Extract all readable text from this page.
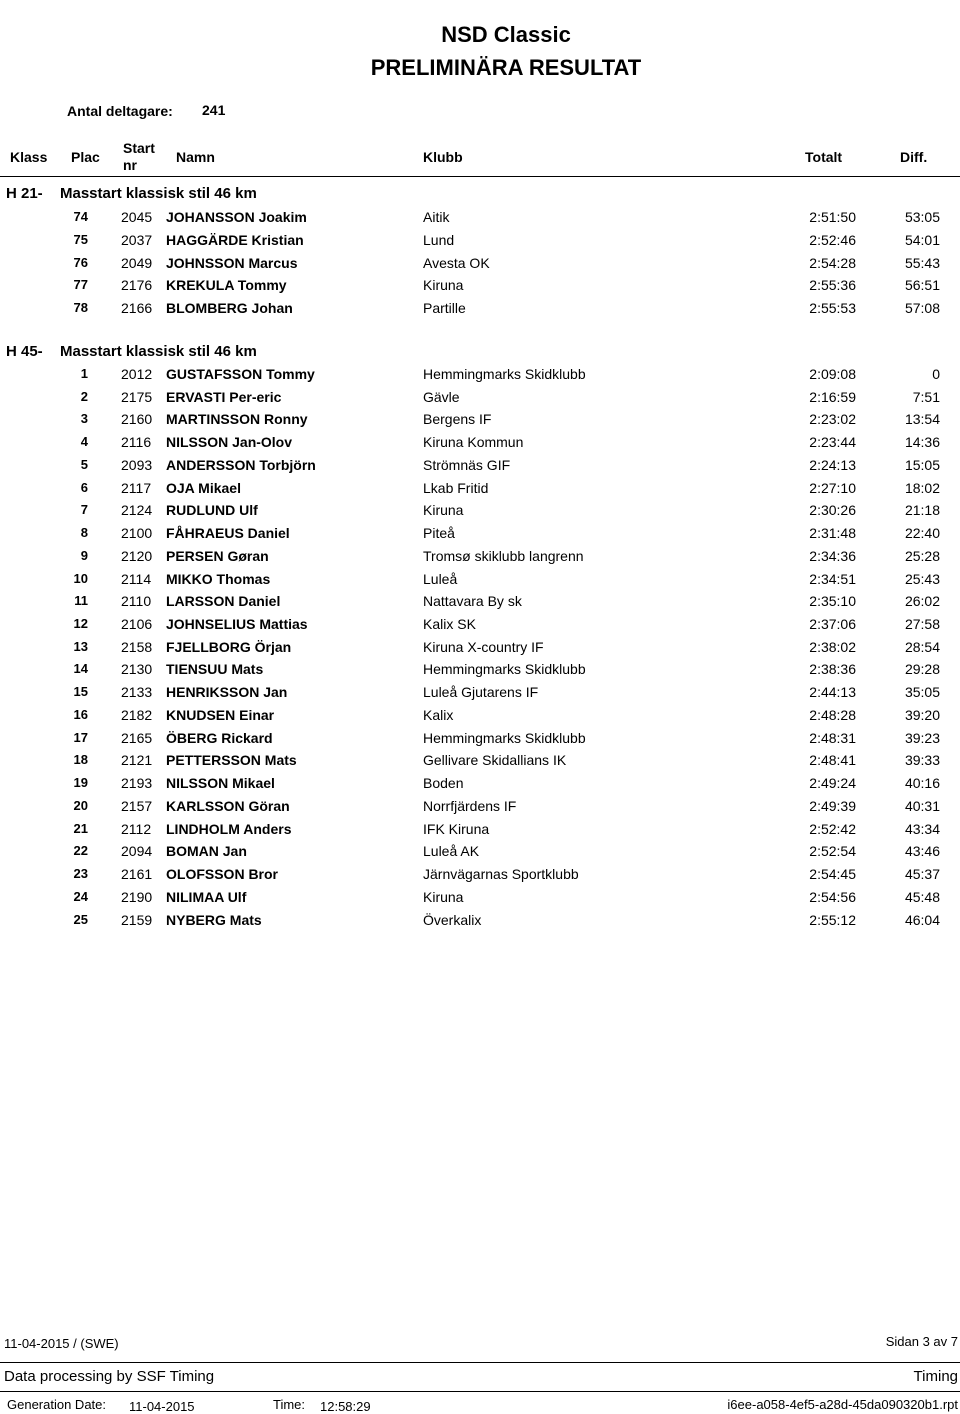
NSD Classic
PRELIMINÄRA RESULTAT
Antal deltagare: 241
Klass Plac
Start
nr	Namn	Klubb	Totalt	Diff.
H 21- Masstart klassisk stil 46 km
74 2045 JOHANSSON Joakim	Aitik	2:51:50	53:05
75 2037 HAGGÄRDE Kristian	Lund	2:52:46	54:01
76 2049 JOHNSSON Marcus	Avesta OK	2:54:28	55:43
77 2176 KREKULA Tommy	Kiruna	2:55:36	56:51
78 2166 BLOMBERG Johan	Partille	2:55:53	57:08
H 45- Masstart klassisk stil 46 km
1 2012 GUSTAFSSON Tommy	Hemmingmarks Skidklubb	2:09:08	0
2 2175 ERVASTI Per-eric	Gävle	2:16:59	7:51
3 2160 MARTINSSON Ronny	Bergens IF	2:23:02	13:54
4 2116 NILSSON Jan-Olov	Kiruna Kommun	2:23:44	14:36
5 2093 ANDERSSON Torbjörn	Strömnäs GIF	2:24:13	15:05
6 2117 OJA Mikael	Lkab Fritid	2:27:10	18:02
7 2124 RUDLUND Ulf	Kiruna	2:30:26	21:18
8 2100 FÅHRAEUS Daniel	Piteå	2:31:48	22:40
9 2120 PERSEN Gøran	Tromsø skiklubb langrenn	2:34:36	25:28
10 2114 MIKKO Thomas	Luleå	2:34:51	25:43
11 2110 LARSSON Daniel	Nattavara By sk	2:35:10	26:02
12 2106 JOHNSELIUS Mattias	Kalix SK	2:37:06	27:58
13 2158 FJELLBORG Örjan	Kiruna X-country IF	2:38:02	28:54
14 2130 TIENSUU Mats	Hemmingmarks Skidklubb	2:38:36	29:28
15 2133 HENRIKSSON Jan	Luleå Gjutarens IF	2:44:13	35:05
16 2182 KNUDSEN Einar	Kalix	2:48:28	39:20
17 2165 ÖBERG Rickard	Hemmingmarks Skidklubb	2:48:31	39:23
18 2121 PETTERSSON Mats	Gellivare Skidallians IK	2:48:41	39:33
19 2193 NILSSON Mikael	Boden	2:49:24	40:16
20 2157 KARLSSON Göran	Norrfjärdens IF	2:49:39	40:31
21 2112 LINDHOLM Anders	IFK Kiruna	2:52:42	43:34
22 2094 BOMAN Jan	Luleå AK	2:52:54	43:46
23 2161 OLOFSSON Bror	Järnvägarnas Sportklubb	2:54:45	45:37
24 2190 NILIMAA Ulf	Kiruna	2:54:56	45:48
25 2159 NYBERG Mats	Överkalix	2:55:12	46:04
11-04-2015 / (SWE)	Sidan 3 av 7
Data processing by SSF Timing	Timing
Generation Date: 11-04-2015	Time: 12:58:29	i6ee-a058-4ef5-a28d-45da090320b1.rpt
